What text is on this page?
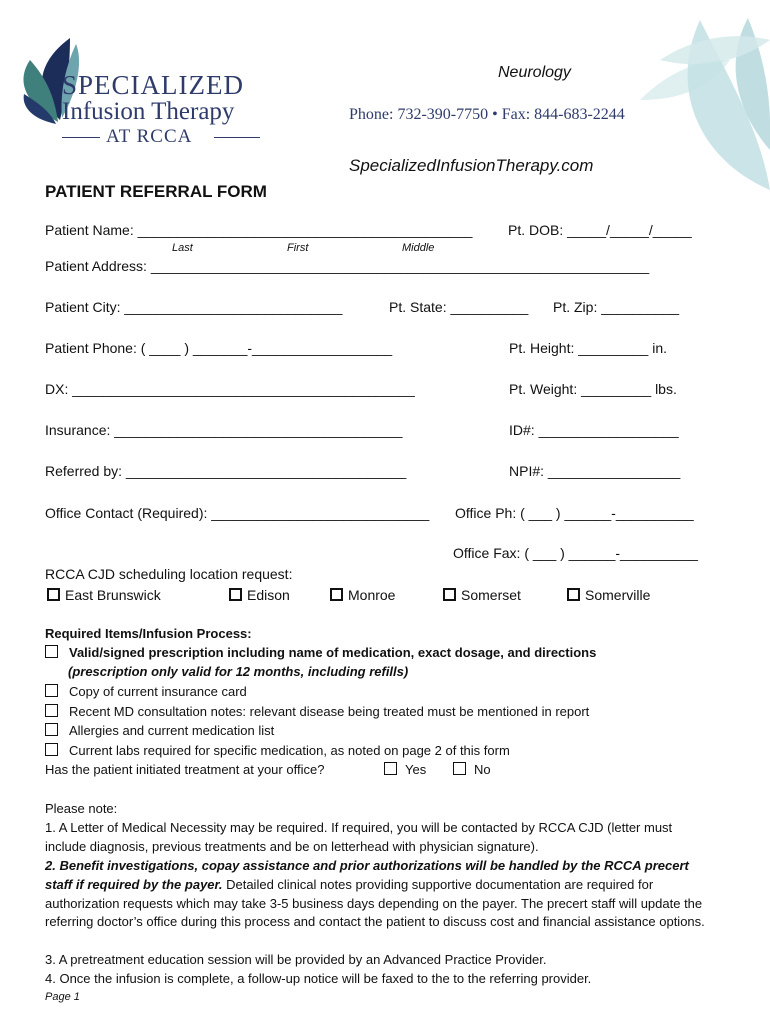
SPECIALIZED
Infusion Therapy
AT RCCA
Neurology
Phone: 732-390-7750 • Fax: 844-683-2244
SpecializedInfusionTherapy.com
PATIENT REFERRAL FORM
Patient Name: ___________________________________________	Pt. DOB: _____/_____/_____
Last	First	Middle
Patient Address: ________________________________________________________________
Patient City: ____________________________	Pt. State: __________ Pt. Zip: __________
Patient Phone: ( ____ ) _______-__________________	Pt. Height: _________ in.
DX: ____________________________________________	Pt. Weight: _________ lbs.
Insurance: _____________________________________	ID#: __________________
Referred by: ____________________________________	NPI#: _________________
Office Contact (Required): ____________________________ Office Ph: ( ___ ) ______-__________
Office Fax: ( ___ ) ______-__________
RCCA CJD scheduling location request:
East Brunswick	Edison	Monroe	Somerset	Somerville
Required Items/Infusion Process:
Valid/signed prescription including name of medication, exact dosage, and directions
(prescription only valid for 12 months, including refills)
Copy of current insurance card
Recent MD consultation notes: relevant disease being treated must be mentioned in report
Allergies and current medication list
Current labs required for specific medication, as noted on page 2 of this form
Has the patient initiated treatment at your office?	Yes	No
Please note:
1. A Letter of Medical Necessity may be required. If required, you will be contacted by RCCA CJD (letter must include diagnosis, previous treatments and be on letterhead with physician signature).
2. Benefit investigations, copay assistance and prior authorizations will be handled by the RCCA precert staff if required by the payer. Detailed clinical notes providing supportive documentation are required for authorization requests which may take 3-5 business days depending on the payer. The precert staff will update the referring doctor’s office during this process and contact the patient to discuss cost and financial assistance options.
3. A pretreatment education session will be provided by an Advanced Practice Provider.
4. Once the infusion is complete, a follow-up notice will be faxed to the to the referring provider.
Page 1
